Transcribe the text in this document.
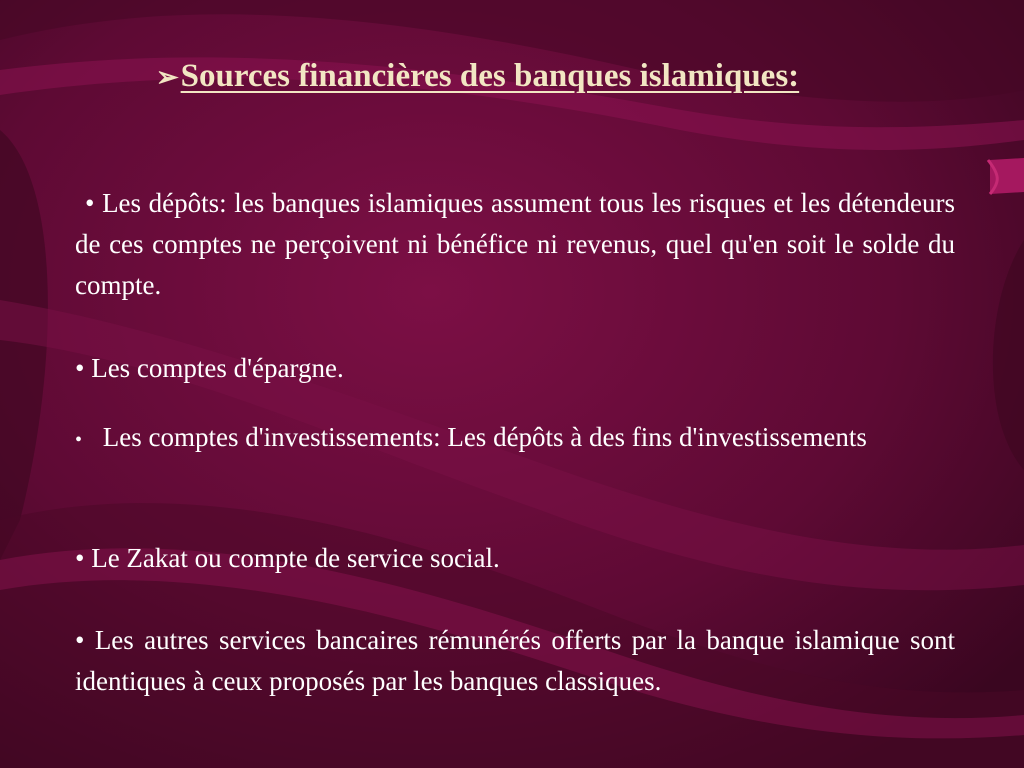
➢Sources financières des banques islamiques:
• Les dépôts: les banques islamiques assument tous les risques et les détendeurs de ces comptes ne perçoivent ni bénéfice ni revenus, quel qu'en soit le solde du compte.
• Les comptes d'épargne.
• Les comptes d'investissements: Les dépôts à des fins d'investissements
• Le Zakat ou compte de service social.
• Les autres services bancaires rémunérés offerts par la banque islamique sont identiques à ceux proposés par les banques classiques.
